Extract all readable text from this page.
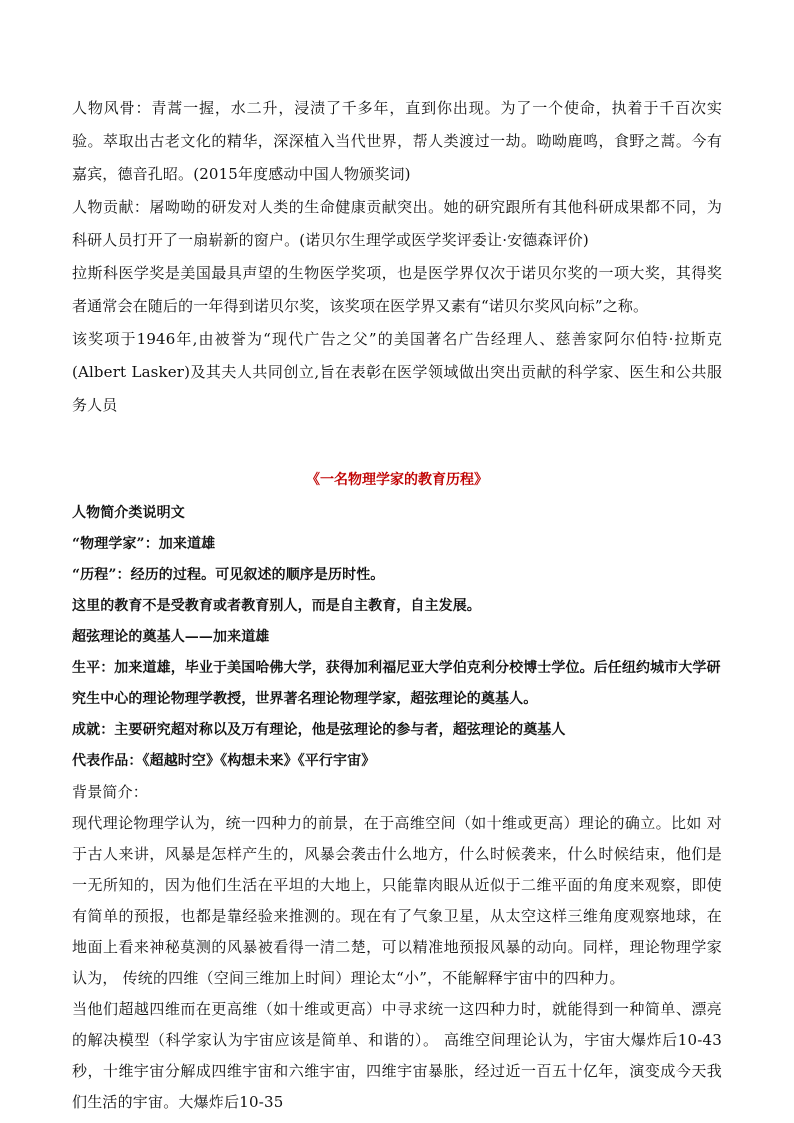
人物风骨：青蒿一握，水二升，浸渍了千多年，直到你出现。为了一个使命，执着于千百次实验。萃取出古老文化的精华，深深植入当代世界，帮人类渡过一劫。呦呦鹿鸣，食野之蒿。今有嘉宾，德音孔昭。(2015年度感动中国人物颁奖词)

人物贡献：屠呦呦的研发对人类的生命健康贡献突出。她的研究跟所有其他科研成果都不同，为科研人员打开了一扇崭新的窗户。(诺贝尔生理学或医学奖评委让·安德森评价)

拉斯科医学奖是美国最具声望的生物医学奖项，也是医学界仅次于诺贝尔奖的一项大奖，其得奖者通常会在随后的一年得到诺贝尔奖，该奖项在医学界又素有“诺贝尔奖风向标”之称。

该奖项于1946年,由被誉为“现代广告之父”的美国著名广告经理人、慈善家阿尔伯特·拉斯克(Albert Lasker)及其夫人共同创立,旨在表彰在医学领域做出突出贡献的科学家、医生和公共服务人员

《一名物理学家的教育历程》

人物简介类说明文

“物理学家”：加来道雄

“历程”：经历的过程。可见叙述的顺序是历时性。

这里的教育不是受教育或者教育别人，而是自主教育，自主发展。

超弦理论的奠基人——加来道雄

生平：加来道雄，毕业于美国哈佛大学，获得加利福尼亚大学伯克利分校博士学位。后任纽约城市大学研究生中心的理论物理学教授，世界著名理论物理学家，超弦理论的奠基人。

成就：主要研究超对称以及万有理论，他是弦理论的参与者，超弦理论的奠基人

代表作品：《超越时空》《构想未来》《平行宇宙》

背景简介：

现代理论物理学认为，统一四种力的前景，在于高维空间（如十维或更高）理论的确立。比如 对于古人来讲，风暴是怎样产生的，风暴会袭击什么地方，什么时候袭来，什么时候结束，他们是一无所知的，因为他们生活在平坦的大地上，只能靠肉眼从近似于二维平面的角度来观察，即使有简单的预报，也都是靠经验来推测的。现在有了气象卫星，从太空这样三维角度观察地球，在地面上看来神秘莫测的风暴被看得一清二楚，可以精准地预报风暴的动向。同样，理论物理学家认为， 传统的四维（空间三维加上时间）理论太“小”，不能解释宇宙中的四种力。

当他们超越四维而在更高维（如十维或更高）中寻求统一这四种力时，就能得到一种简单、漂亮的解决模型（科学家认为宇宙应该是简单、和谐的）。 高维空间理论认为，宇宙大爆炸后10-43秒，十维宇宙分解成四维宇宙和六维宇宙，四维宇宙暴胀，经过近一百五十亿年，演变成今天我们生活的宇宙。大爆炸后10-35
